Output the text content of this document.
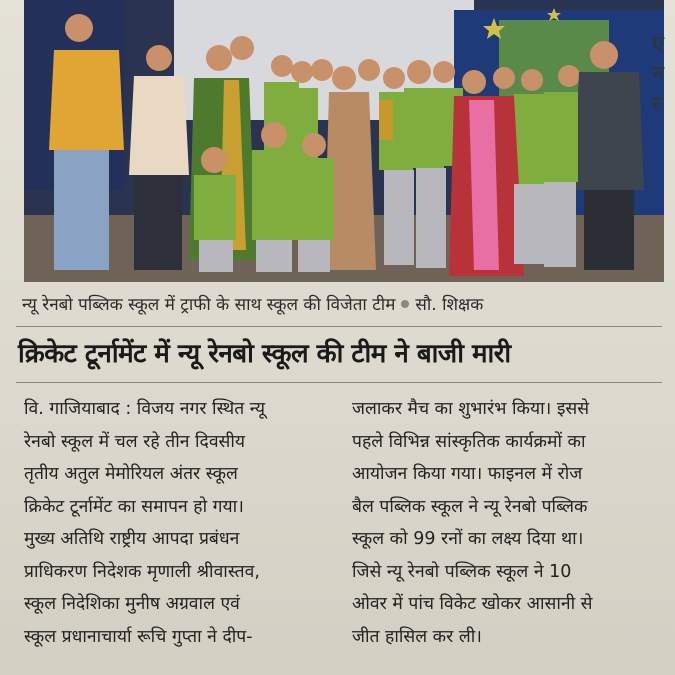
ए
न
र
न्यू रेनबो पब्लिक स्कूल में ट्राफी के साथ स्कूल की विजेता टीम सौ. शिक्षक
क्रिकेट टूर्नामेंट में न्यू रेनबो स्कूल की टीम ने बाजी मारी
वि. गाजियाबाद : विजय नगर स्थित न्यू
रेनबो स्कूल में चल रहे तीन दिवसीय
तृतीय अतुल मेमोरियल अंतर स्कूल
क्रिकेट टूर्नामेंट का समापन हो गया।
मुख्य अतिथि राष्ट्रीय आपदा प्रबंधन
प्राधिकरण निदेशक मृणाली श्रीवास्तव,
स्कूल निदेशिका मुनीष अग्रवाल एवं
स्कूल प्रधानाचार्या रूचि गुप्ता ने दीप-
जलाकर मैच का शुभारंभ किया। इससे
पहले विभिन्न सांस्कृतिक कार्यक्रमों का
आयोजन किया गया। फाइनल में रोज
बैल पब्लिक स्कूल ने न्यू रेनबो पब्लिक
स्कूल को 99 रनों का लक्ष्य दिया था।
जिसे न्यू रेनबो पब्लिक स्कूल ने 10
ओवर में पांच विकेट खोकर आसानी से
जीत हासिल कर ली।
